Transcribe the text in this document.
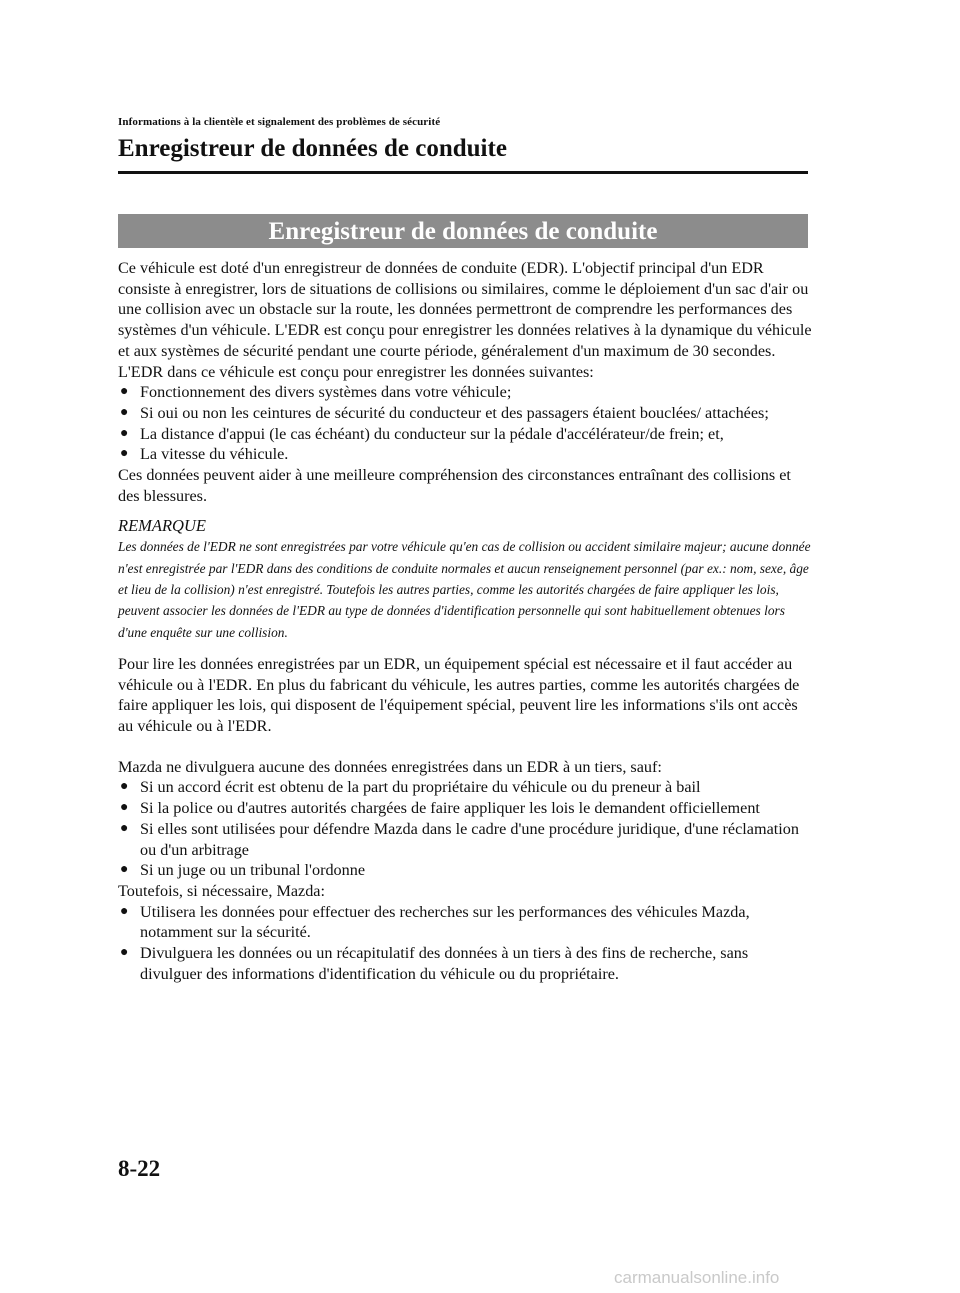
Informations à la clientèle et signalement des problèmes de sécurité
Enregistreur de données de conduite
Enregistreur de données de conduite

Ce véhicule est doté d'un enregistreur de données de conduite (EDR). L'objectif principal d'un EDR consiste à enregistrer, lors de situations de collisions ou similaires, comme le déploiement d'un sac d'air ou une collision avec un obstacle sur la route, les données permettront de comprendre les performances des systèmes d'un véhicule. L'EDR est conçu pour enregistrer les données relatives à la dynamique du véhicule et aux systèmes de sécurité pendant une courte période, généralement d'un maximum de 30 secondes. L'EDR dans ce véhicule est conçu pour enregistrer les données suivantes:

● Fonctionnement des divers systèmes dans votre véhicule;
● Si oui ou non les ceintures de sécurité du conducteur et des passagers étaient bouclées/ attachées;
● La distance d'appui (le cas échéant) du conducteur sur la pédale d'accélérateur/de frein; et,
● La vitesse du véhicule.

Ces données peuvent aider à une meilleure compréhension des circonstances entraînant des collisions et des blessures.

REMARQUE
Les données de l'EDR ne sont enregistrées par votre véhicule qu'en cas de collision ou accident similaire majeur; aucune donnée n'est enregistrée par l'EDR dans des conditions de conduite normales et aucun renseignement personnel (par ex.: nom, sexe, âge et lieu de la collision) n'est enregistré. Toutefois les autres parties, comme les autorités chargées de faire appliquer les lois, peuvent associer les données de l'EDR au type de données d'identification personnelle qui sont habituellement obtenues lors d'une enquête sur une collision.

Pour lire les données enregistrées par un EDR, un équipement spécial est nécessaire et il faut accéder au véhicule ou à l'EDR. En plus du fabricant du véhicule, les autres parties, comme les autorités chargées de faire appliquer les lois, qui disposent de l'équipement spécial, peuvent lire les informations s'ils ont accès au véhicule ou à l'EDR.

Mazda ne divulguera aucune des données enregistrées dans un EDR à un tiers, sauf:

● Si un accord écrit est obtenu de la part du propriétaire du véhicule ou du preneur à bail
● Si la police ou d'autres autorités chargées de faire appliquer les lois le demandent officiellement
● Si elles sont utilisées pour défendre Mazda dans le cadre d'une procédure juridique, d'une réclamation ou d'un arbitrage
● Si un juge ou un tribunal l'ordonne

Toutefois, si nécessaire, Mazda:

● Utilisera les données pour effectuer des recherches sur les performances des véhicules Mazda, notamment sur la sécurité.
● Divulguera les données ou un récapitulatif des données à un tiers à des fins de recherche, sans divulguer des informations d'identification du véhicule ou du propriétaire.
8-22
carmanualsonline.info
